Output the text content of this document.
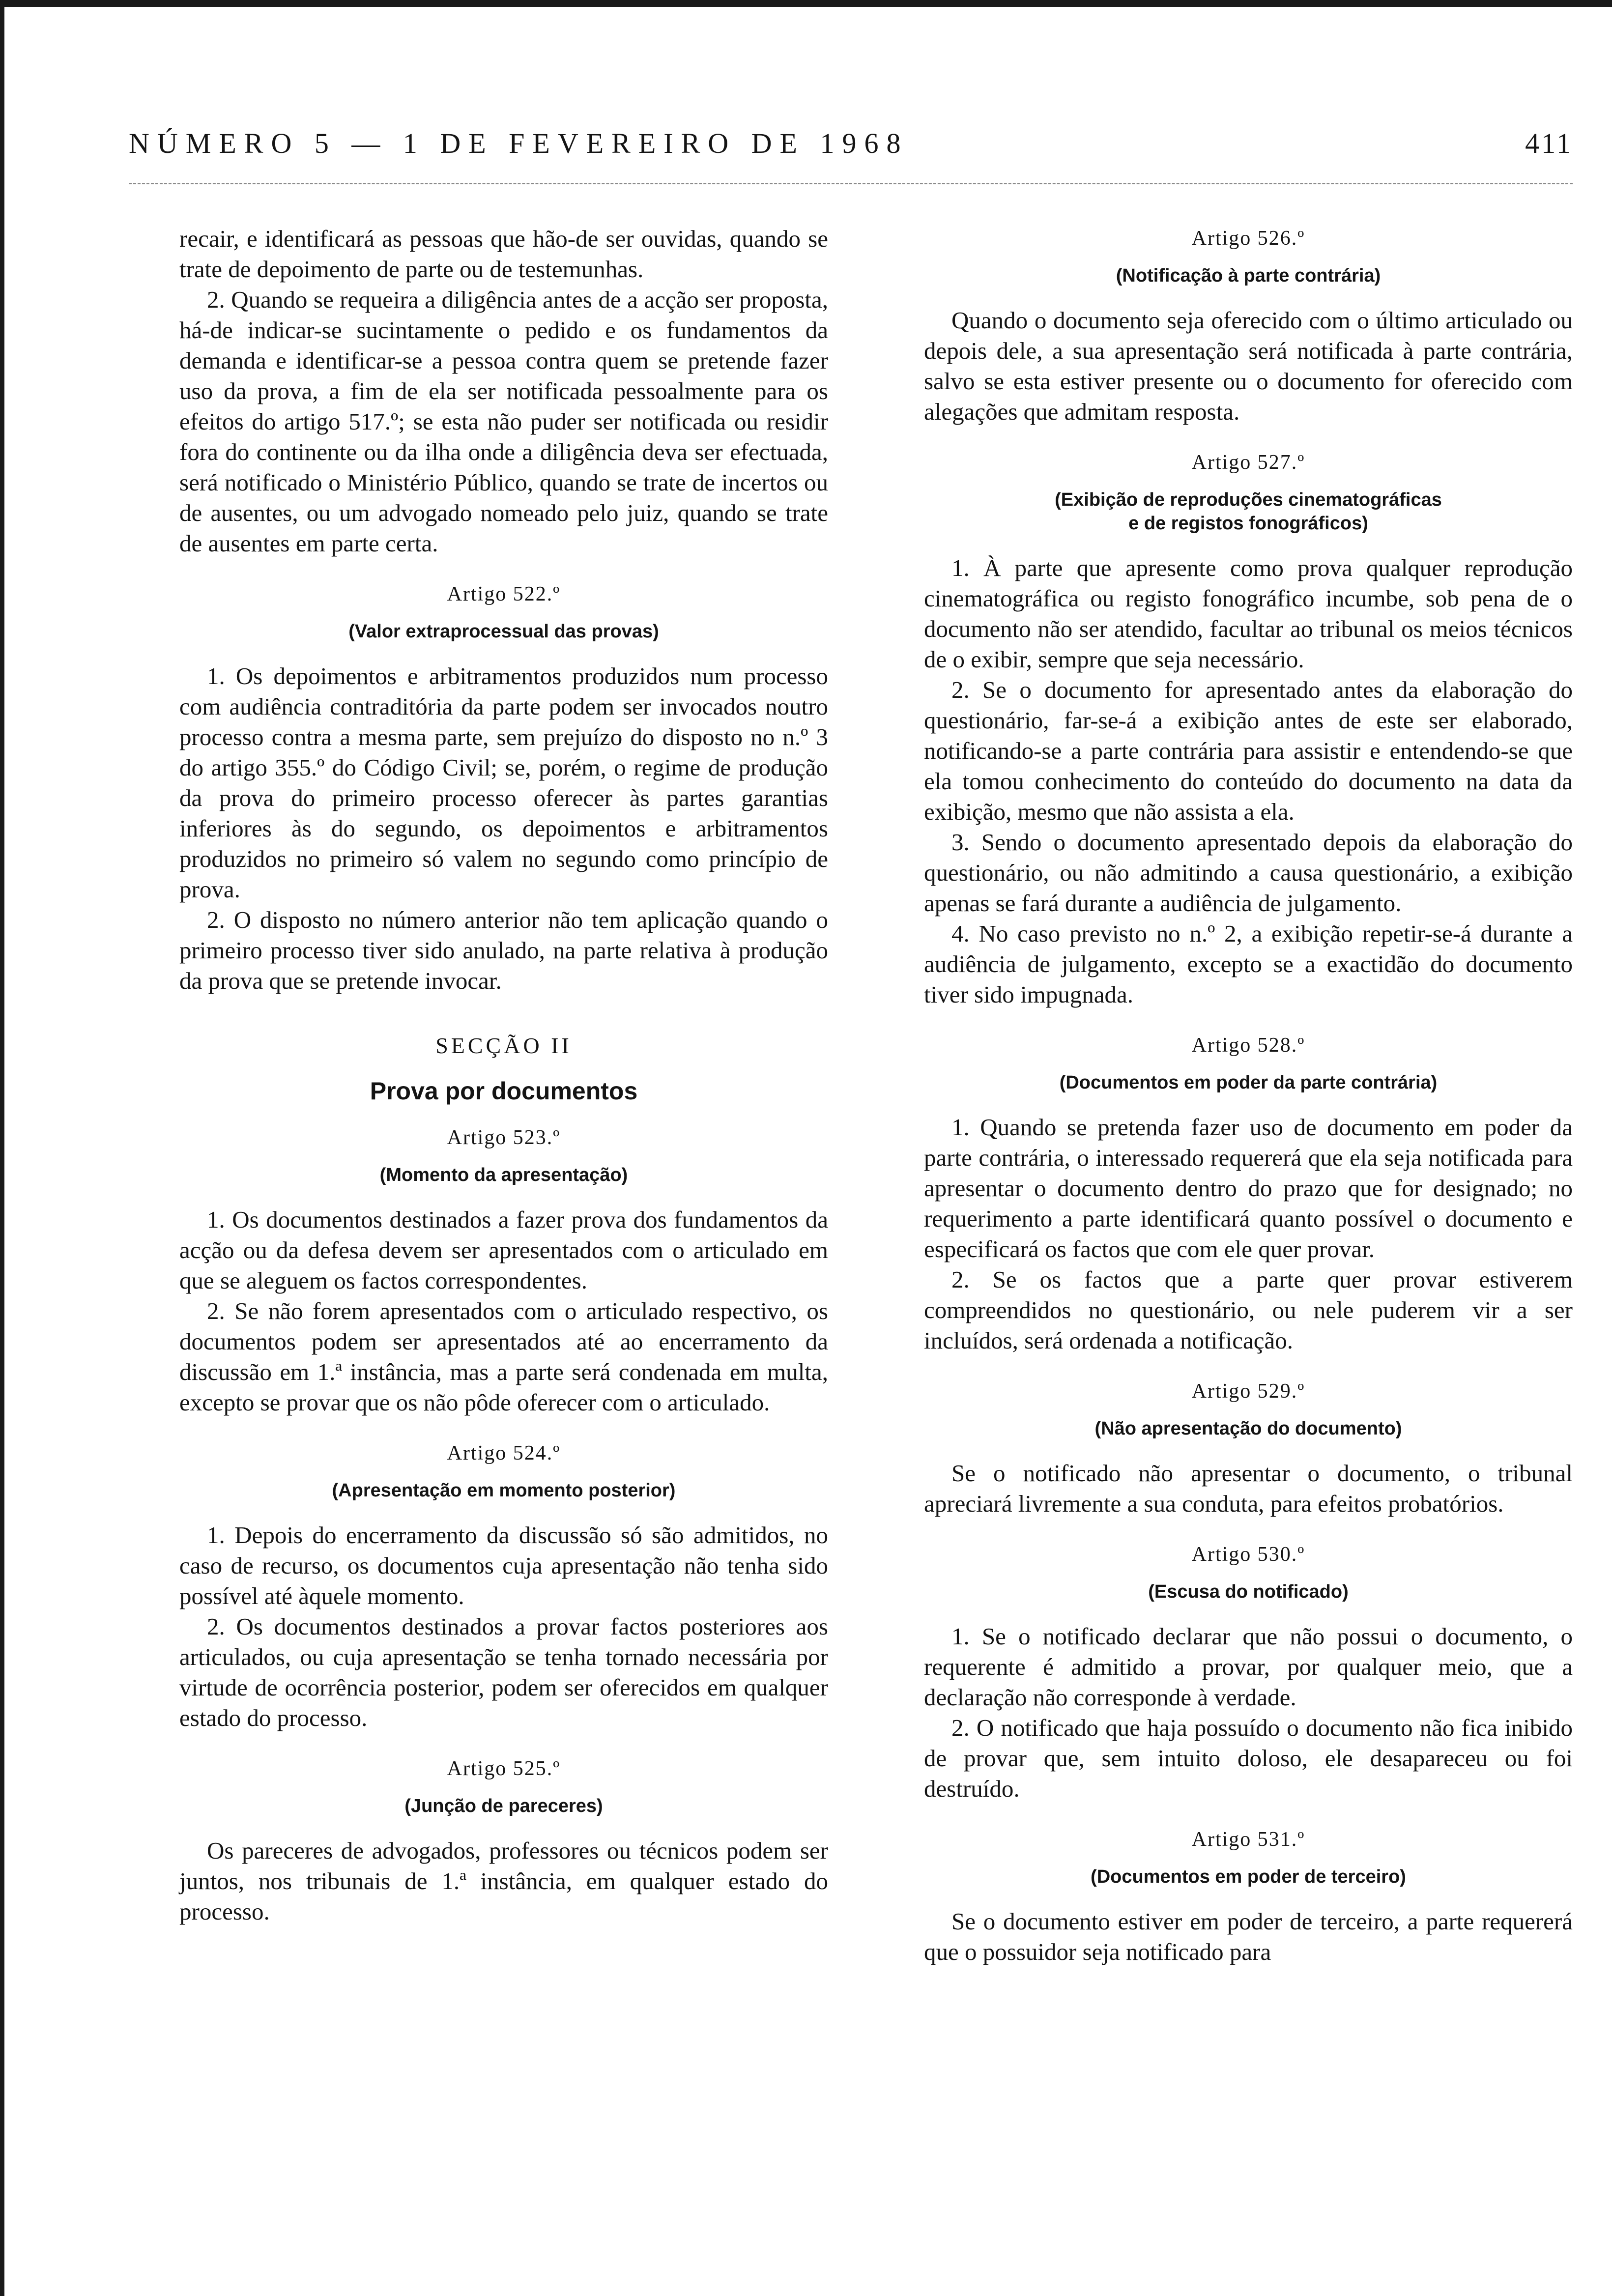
NÚMERO 5 — 1 DE FEVEREIRO DE 1968	411

recair, e identificará as pessoas que hão-de ser ouvidas, quando se trate de depoimento de parte ou de testemunhas.

2. Quando se requeira a diligência antes de a acção ser proposta, há-de indicar-se sucintamente o pedido e os fundamentos da demanda e identificar-se a pessoa contra quem se pretende fazer uso da prova, a fim de ela ser notificada pessoalmente para os efeitos do artigo 517.º; se esta não puder ser notificada ou residir fora do continente ou da ilha onde a diligência deva ser efectuada, será notificado o Ministério Público, quando se trate de incertos ou de ausentes, ou um advogado nomeado pelo juiz, quando se trate de ausentes em parte certa.

Artigo 522.º
(Valor extraprocessual das provas)

1. Os depoimentos e arbitramentos produzidos num processo com audiência contraditória da parte podem ser invocados noutro processo contra a mesma parte, sem prejuízo do disposto no n.º 3 do artigo 355.º do Código Civil; se, porém, o regime de produção da prova do primeiro processo oferecer às partes garantias inferiores às do segundo, os depoimentos e arbitramentos produzidos no primeiro só valem no segundo como princípio de prova.

2. O disposto no número anterior não tem aplicação quando o primeiro processo tiver sido anulado, na parte relativa à produção da prova que se pretende invocar.

SECÇÃO II
Prova por documentos
Artigo 523.º
(Momento da apresentação)

1. Os documentos destinados a fazer prova dos fundamentos da acção ou da defesa devem ser apresentados com o articulado em que se aleguem os factos correspondentes.

2. Se não forem apresentados com o articulado respectivo, os documentos podem ser apresentados até ao encerramento da discussão em 1.ª instância, mas a parte será condenada em multa, excepto se provar que os não pôde oferecer com o articulado.

Artigo 524.º
(Apresentação em momento posterior)

1. Depois do encerramento da discussão só são admitidos, no caso de recurso, os documentos cuja apresentação não tenha sido possível até àquele momento.

2. Os documentos destinados a provar factos posteriores aos articulados, ou cuja apresentação se tenha tornado necessária por virtude de ocorrência posterior, podem ser oferecidos em qualquer estado do processo.

Artigo 525.º
(Junção de pareceres)

Os pareceres de advogados, professores ou técnicos podem ser juntos, nos tribunais de 1.ª instância, em qualquer estado do processo.

Artigo 526.º
(Notificação à parte contrária)

Quando o documento seja oferecido com o último articulado ou depois dele, a sua apresentação será notificada à parte contrária, salvo se esta estiver presente ou o documento for oferecido com alegações que admitam resposta.

Artigo 527.º
(Exibição de reproduções cinematográficas
e de registos fonográficos)

1. À parte que apresente como prova qualquer reprodução cinematográfica ou registo fonográfico incumbe, sob pena de o documento não ser atendido, facultar ao tribunal os meios técnicos de o exibir, sempre que seja necessário.

2. Se o documento for apresentado antes da elaboração do questionário, far-se-á a exibição antes de este ser elaborado, notificando-se a parte contrária para assistir e entendendo-se que ela tomou conhecimento do conteúdo do documento na data da exibição, mesmo que não assista a ela.

3. Sendo o documento apresentado depois da elaboração do questionário, ou não admitindo a causa questionário, a exibição apenas se fará durante a audiência de julgamento.

4. No caso previsto no n.º 2, a exibição repetir-se-á durante a audiência de julgamento, excepto se a exactidão do documento tiver sido impugnada.

Artigo 528.º
(Documentos em poder da parte contrária)

1. Quando se pretenda fazer uso de documento em poder da parte contrária, o interessado requererá que ela seja notificada para apresentar o documento dentro do prazo que for designado; no requerimento a parte identificará quanto possível o documento e especificará os factos que com ele quer provar.

2. Se os factos que a parte quer provar estiverem compreendidos no questionário, ou nele puderem vir a ser incluídos, será ordenada a notificação.

Artigo 529.º
(Não apresentação do documento)

Se o notificado não apresentar o documento, o tribunal apreciará livremente a sua conduta, para efeitos probatórios.

Artigo 530.º
(Escusa do notificado)

1. Se o notificado declarar que não possui o documento, o requerente é admitido a provar, por qualquer meio, que a declaração não corresponde à verdade.

2. O notificado que haja possuído o documento não fica inibido de provar que, sem intuito doloso, ele desapareceu ou foi destruído.

Artigo 531.º
(Documentos em poder de terceiro)

Se o documento estiver em poder de terceiro, a parte requererá que o possuidor seja notificado para
